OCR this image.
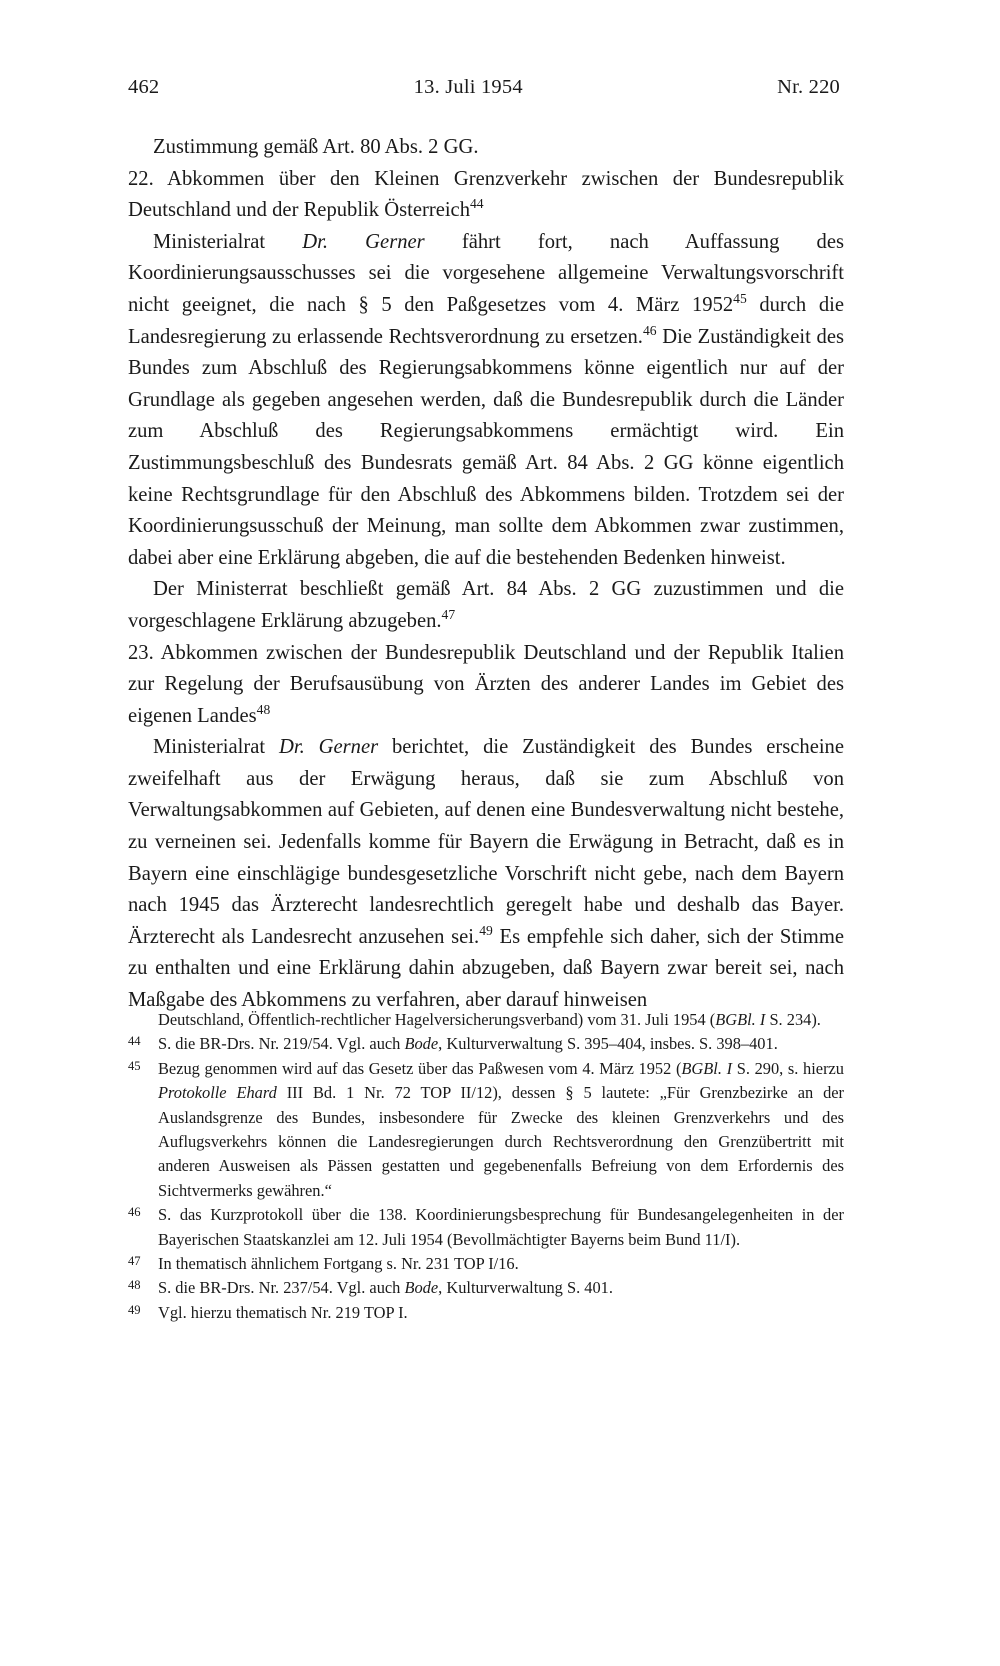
462	13. Juli 1954	Nr. 220

Zustimmung gemäß Art. 80 Abs. 2 GG.

22. Abkommen über den Kleinen Grenzverkehr zwischen der Bundesrepublik Deutschland und der Republik Österreich$^{44}$

Ministerialrat Dr. Gerner fährt fort, nach Auffassung des Koordinierungsausschusses sei die vorgesehene allgemeine Verwaltungsvorschrift nicht geeignet, die nach § 5 den Paßgesetzes vom 4. März 1952$^{45}$ durch die Landesregierung zu erlassende Rechtsverordnung zu ersetzen.$^{46}$ Die Zuständigkeit des Bundes zum Abschluß des Regierungsabkommens könne eigentlich nur auf der Grundlage als gegeben angesehen werden, daß die Bundesrepublik durch die Länder zum Abschluß des Regierungsabkommens ermächtigt wird. Ein Zustimmungsbeschluß des Bundesrats gemäß Art. 84 Abs. 2 GG könne eigentlich keine Rechtsgrundlage für den Abschluß des Abkommens bilden. Trotzdem sei der Koordinierungsusschuß der Meinung, man sollte dem Abkommen zwar zustimmen, dabei aber eine Erklärung abgeben, die auf die bestehenden Bedenken hinweist.

Der Ministerrat beschließt gemäß Art. 84 Abs. 2 GG zuzustimmen und die vorgeschlagene Erklärung abzugeben.$^{47}$

23. Abkommen zwischen der Bundesrepublik Deutschland und der Republik Italien zur Regelung der Berufsausübung von Ärzten des anderer Landes im Gebiet des eigenen Landes$^{48}$

Ministerialrat Dr. Gerner berichtet, die Zuständigkeit des Bundes erscheine zweifelhaft aus der Erwägung heraus, daß sie zum Abschluß von Verwaltungsabkommen auf Gebieten, auf denen eine Bundesverwaltung nicht bestehe, zu verneinen sei. Jedenfalls komme für Bayern die Erwägung in Betracht, daß es in Bayern eine einschlägige bundesgesetzliche Vorschrift nicht gebe, nach dem Bayern nach 1945 das Ärzterecht landesrechtlich geregelt habe und deshalb das Bayer. Ärzterecht als Landesrecht anzusehen sei.$^{49}$ Es empfehle sich daher, sich der Stimme zu enthalten und eine Erklärung dahin abzugeben, daß Bayern zwar bereit sei, nach Maßgabe des Abkommens zu verfahren, aber darauf hinweisen

Deutschland, Öffentlich-rechtlicher Hagelversicherungsverband) vom 31. Juli 1954 (BGBl. I S. 234).

44 S. die BR-Drs. Nr. 219/54. Vgl. auch Bode, Kulturverwaltung S. 395–404, insbes. S. 398–401.

45 Bezug genommen wird auf das Gesetz über das Paßwesen vom 4. März 1952 (BGBl. I S. 290, s. hierzu Protokolle Ehard III Bd. 1 Nr. 72 TOP II/12), dessen § 5 lautete: „Für Grenzbezirke an der Auslandsgrenze des Bundes, insbesondere für Zwecke des kleinen Grenzverkehrs und des Auflugsverkehrs können die Landesregierungen durch Rechtsverordnung den Grenzübertritt mit anderen Ausweisen als Pässen gestatten und gegebenenfalls Befreiung von dem Erfordernis des Sichtvermerks gewähren.“

46 S. das Kurzprotokoll über die 138. Koordinierungsbesprechung für Bundesangelegenheiten in der Bayerischen Staatskanzlei am 12. Juli 1954 (Bevollmächtigter Bayerns beim Bund 11/I).

47 In thematisch ähnlichem Fortgang s. Nr. 231 TOP I/16.

48 S. die BR-Drs. Nr. 237/54. Vgl. auch Bode, Kulturverwaltung S. 401.

49 Vgl. hierzu thematisch Nr. 219 TOP I.
